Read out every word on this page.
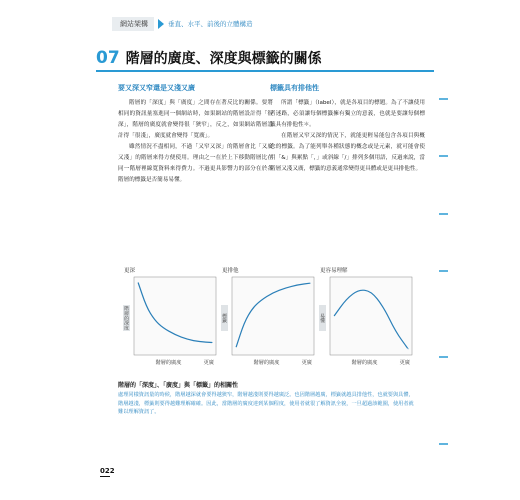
網站架構	垂直、水平、前後的立體構造
07 階層的廣度、深度與標籤的關係

要又深又窄還是又淺又廣

階層的「深度」與「廣度」之間存在著反比的關係。要將相同的資訊量塞進同一個網站時，如果網站的階層設計得「很深」，階層的廣度就會變得很「狹窄」，反之，如果網站階層設計得「很淺」，廣度就會變得「寬廣」。

雖然情況不盡相同，不過「又窄又深」的階層會比「又廣又淺」的階層來得方便使用。理由之一在於上下移動階層比在同一階層裡線寬資料來得費力。不過更具影響力的部分在於各階層的標籤是否簡易易懂。

標籤具有排他性

所謂「標籤」（label），就是各項目的標題。為了不讓使用者迷路，必須讓每個標籤擁有獨立的意義，也就是要讓每個標籤具有排他性＊。

在階層又窄又深的情況下，就能更輕易能包含各項目與概念的標籤。為了能列舉各種狀態的概念或是元素，就可能會使用「&」與累點「，」或斜線「/」排列多個用語，反過來說，當階層又淺又廣，標籤的意義通常變得更具體或是更具排他性。

更深
階層的深度
階層的廣度	更廣
更排他
標籤
階層的廣度	更廣
更容易理解
易懂
階層的廣度	更廣
階層的「深度」、「廣度」與「標籤」的相關性
處理同樣資訊量的時候，階層越深就會要得越狹窄，階層越淺則要得越廣泛。也因階層越廣，標籤就越具排他性，也就要與具體，階層越淺，標籤則要得越難理解確確。因此，當階層的廣度達到某個程度，使用者就很了解資訊全貌，一旦超過該範圍，使用者就難以理解資訊了。
022
